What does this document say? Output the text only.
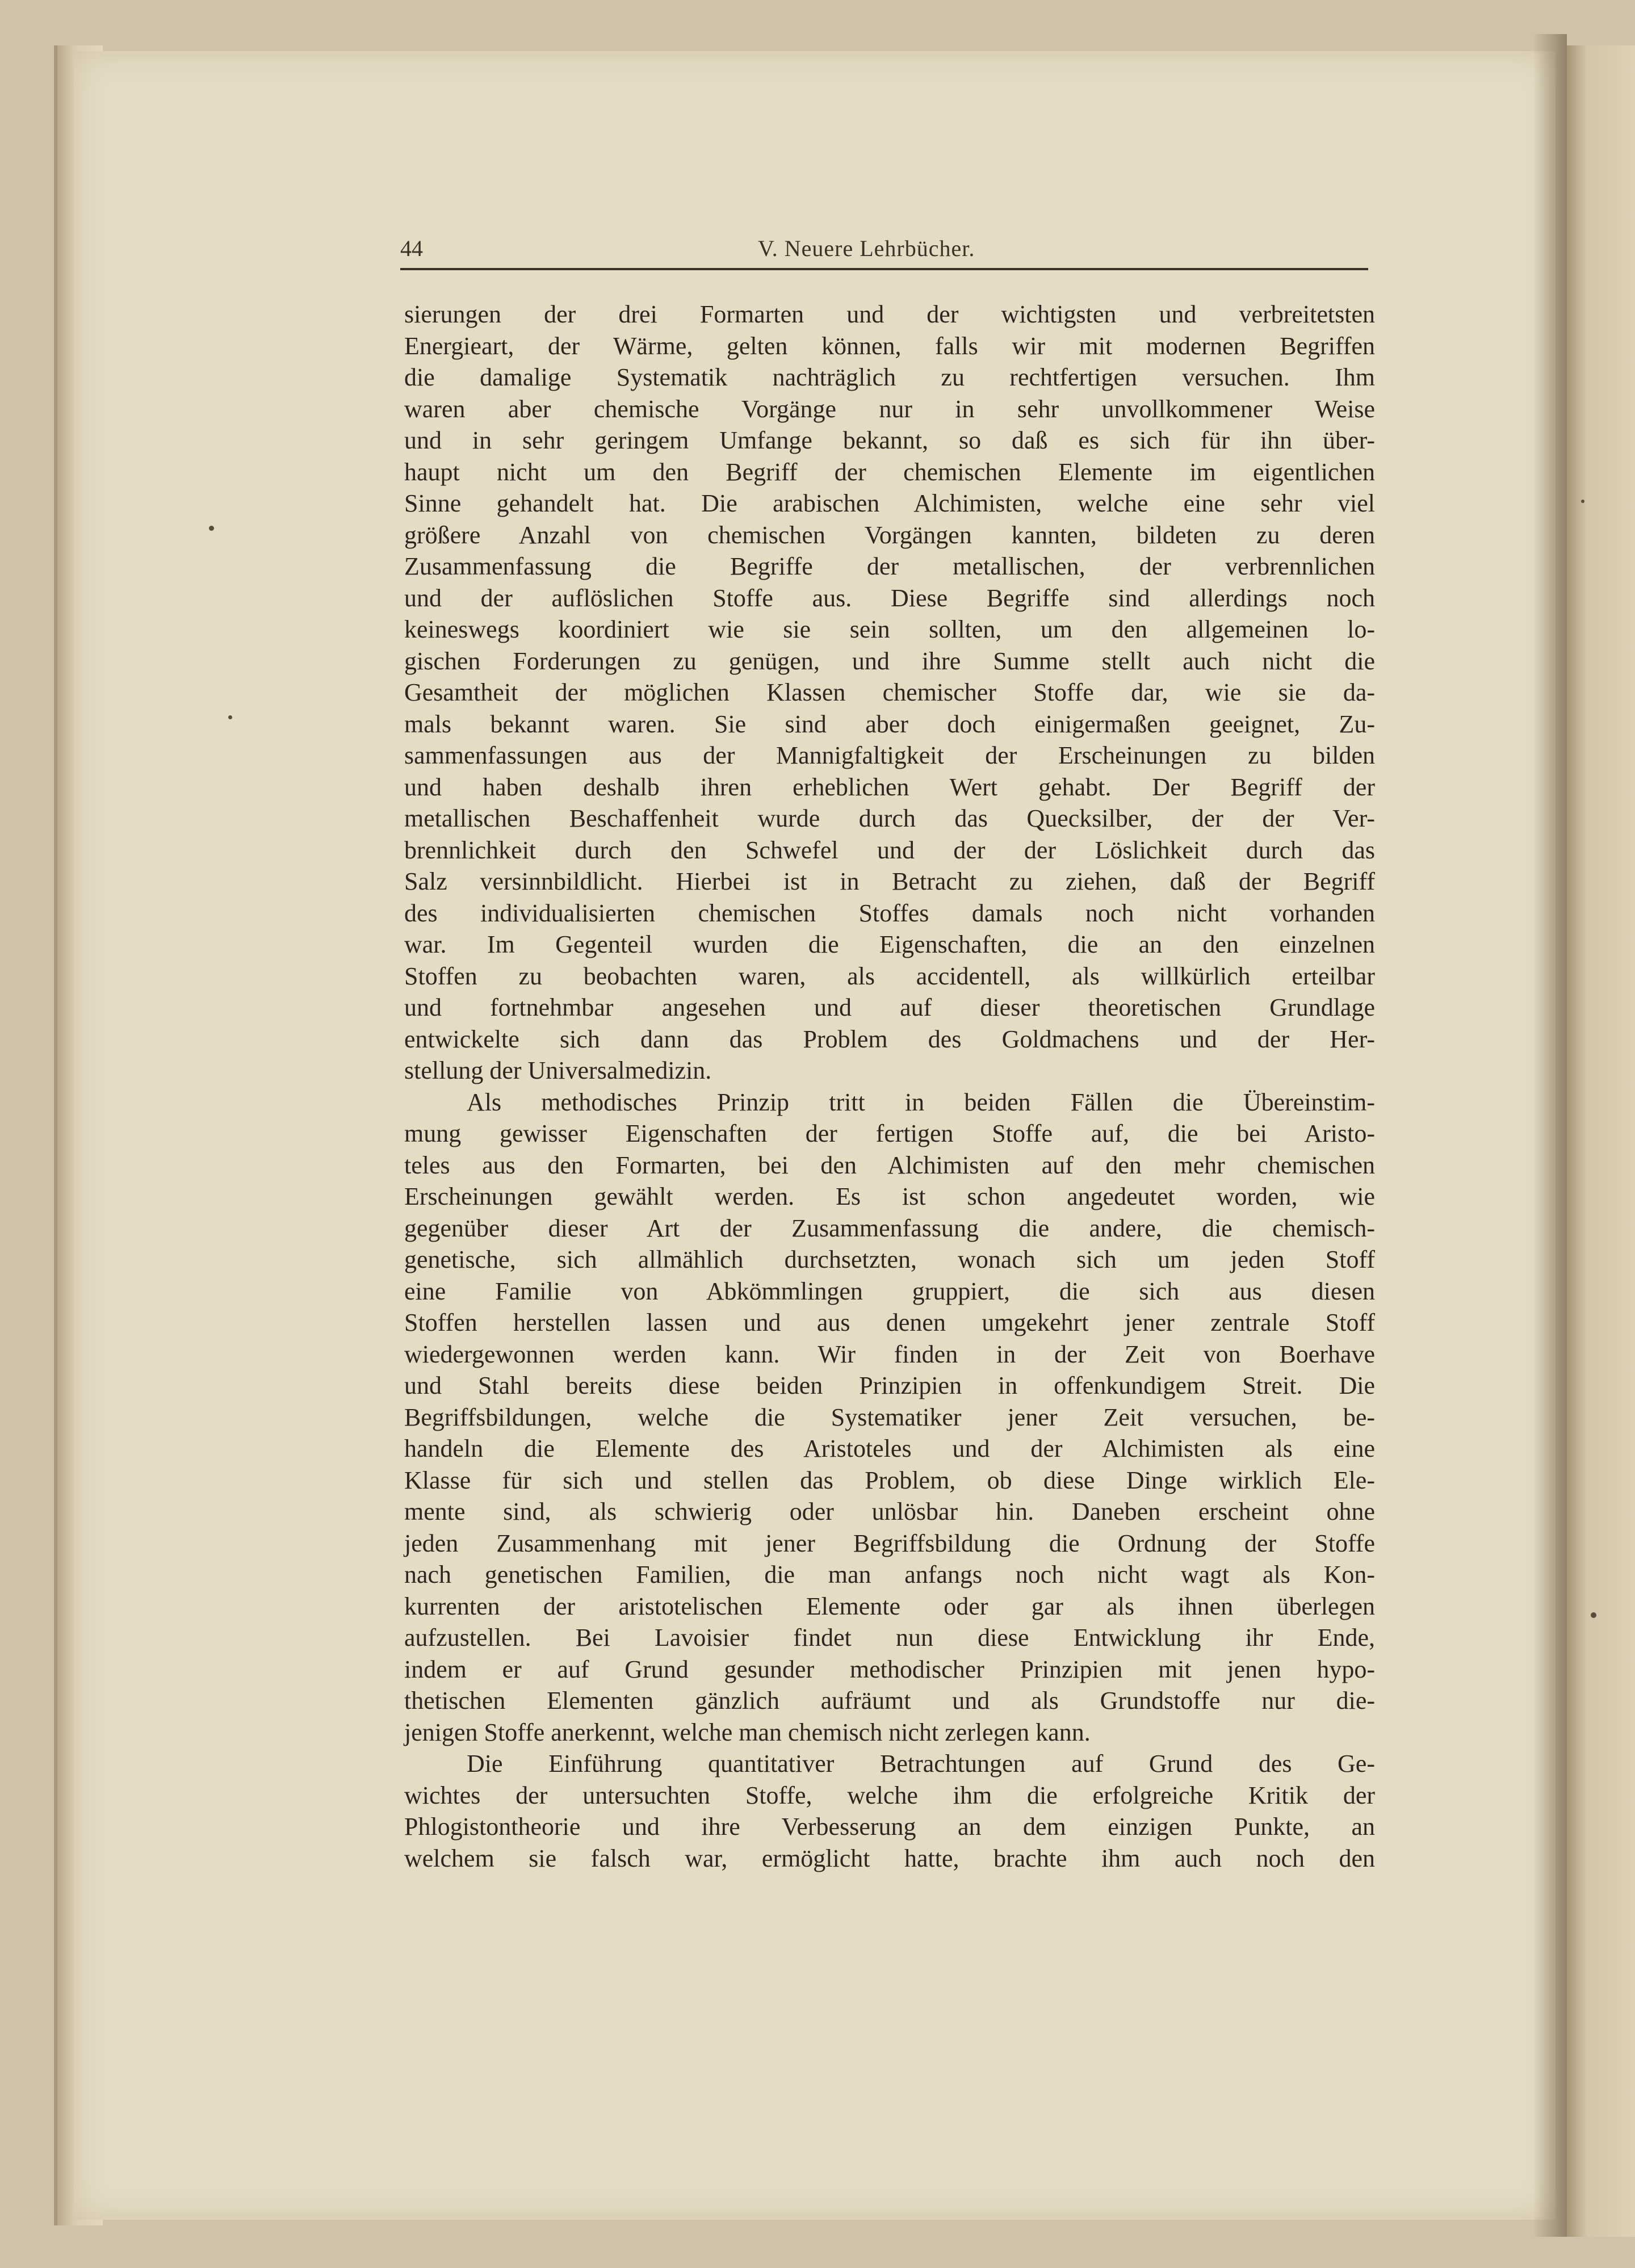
44	V. Neuere Lehrbücher.
sierungen der drei Formarten und der wichtigsten und verbreitetsten
Energieart, der Wärme, gelten können, falls wir mit modernen Begriffen
die damalige Systematik nachträglich zu rechtfertigen versuchen. Ihm
waren aber chemische Vorgänge nur in sehr unvollkommener Weise
und in sehr geringem Umfange bekannt, so daß es sich für ihn über-
haupt nicht um den Begriff der chemischen Elemente im eigentlichen
Sinne gehandelt hat. Die arabischen Alchimisten, welche eine sehr viel
größere Anzahl von chemischen Vorgängen kannten, bildeten zu deren
Zusammenfassung die Begriffe der metallischen, der verbrennlichen
und der auflöslichen Stoffe aus. Diese Begriffe sind allerdings noch
keineswegs koordiniert wie sie sein sollten, um den allgemeinen lo-
gischen Forderungen zu genügen, und ihre Summe stellt auch nicht die
Gesamtheit der möglichen Klassen chemischer Stoffe dar, wie sie da-
mals bekannt waren. Sie sind aber doch einigermaßen geeignet, Zu-
sammenfassungen aus der Mannigfaltigkeit der Erscheinungen zu bilden
und haben deshalb ihren erheblichen Wert gehabt. Der Begriff der
metallischen Beschaffenheit wurde durch das Quecksilber, der der Ver-
brennlichkeit durch den Schwefel und der der Löslichkeit durch das
Salz versinnbildlicht. Hierbei ist in Betracht zu ziehen, daß der Begriff
des individualisierten chemischen Stoffes damals noch nicht vorhanden
war. Im Gegenteil wurden die Eigenschaften, die an den einzelnen
Stoffen zu beobachten waren, als accidentell, als willkürlich erteilbar
und fortnehmbar angesehen und auf dieser theoretischen Grundlage
entwickelte sich dann das Problem des Goldmachens und der Her-
stellung der Universalmedizin.
Als methodisches Prinzip tritt in beiden Fällen die Übereinstim-
mung gewisser Eigenschaften der fertigen Stoffe auf, die bei Aristo-
teles aus den Formarten, bei den Alchimisten auf den mehr chemischen
Erscheinungen gewählt werden. Es ist schon angedeutet worden, wie
gegenüber dieser Art der Zusammenfassung die andere, die chemisch-
genetische, sich allmählich durchsetzten, wonach sich um jeden Stoff
eine Familie von Abkömmlingen gruppiert, die sich aus diesen
Stoffen herstellen lassen und aus denen umgekehrt jener zentrale Stoff
wiedergewonnen werden kann. Wir finden in der Zeit von Boerhave
und Stahl bereits diese beiden Prinzipien in offenkundigem Streit. Die
Begriffsbildungen, welche die Systematiker jener Zeit versuchen, be-
handeln die Elemente des Aristoteles und der Alchimisten als eine
Klasse für sich und stellen das Problem, ob diese Dinge wirklich Ele-
mente sind, als schwierig oder unlösbar hin. Daneben erscheint ohne
jeden Zusammenhang mit jener Begriffsbildung die Ordnung der Stoffe
nach genetischen Familien, die man anfangs noch nicht wagt als Kon-
kurrenten der aristotelischen Elemente oder gar als ihnen überlegen
aufzustellen. Bei Lavoisier findet nun diese Entwicklung ihr Ende,
indem er auf Grund gesunder methodischer Prinzipien mit jenen hypo-
thetischen Elementen gänzlich aufräumt und als Grundstoffe nur die-
jenigen Stoffe anerkennt, welche man chemisch nicht zerlegen kann.
Die Einführung quantitativer Betrachtungen auf Grund des Ge-
wichtes der untersuchten Stoffe, welche ihm die erfolgreiche Kritik der
Phlogistontheorie und ihre Verbesserung an dem einzigen Punkte, an
welchem sie falsch war, ermöglicht hatte, brachte ihm auch noch den
